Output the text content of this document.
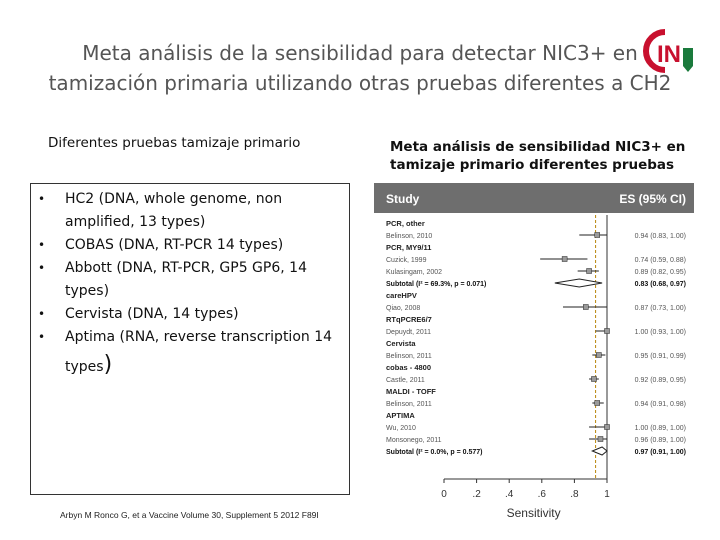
Meta análisis de la sensibilidad para detectar NIC3+ en
tamización primaria utilizando otras pruebas diferentes a CH2
IN
Diferentes pruebas tamizaje primario	Meta análisis de sensibilidad NIC3+ en tamizaje primario diferentes pruebas
• HC2 (DNA, whole genome, non amplified, 13 types)
• COBAS (DNA, RT-PCR 14 types)
• Abbott (DNA, RT-PCR, GP5 GP6, 14 types)
• Cervista (DNA, 14 types)
• Aptima (RNA, reverse transcription 14
types)
Arbyn M Ronco G, et a Vaccine Volume 30, Supplement 5 2012 F89I
Study	ES (95% CI)
PCR, other
Belinson, 2010	0.94 (0.83, 1.00)
PCR, MY9/11
Cuzick, 1999	0.74 (0.59, 0.88)
Kulasingam, 2002	0.89 (0.82, 0.95)
Subtotal (I² = 69.3%, p = 0.071)	0.83 (0.68, 0.97)
careHPV
Qiao, 2008	0.87 (0.73, 1.00)
RTqPCRE6/7
Depuydt, 2011	1.00 (0.93, 1.00)
Cervista
Belinson, 2011	0.95 (0.91, 0.99)
cobas - 4800
Castle, 2011	0.92 (0.89, 0.95)
MALDI - TOFF
Belinson, 2011	0.94 (0.91, 0.98)
APTIMA
Wu, 2010	1.00 (0.89, 1.00)
Monsonego, 2011	0.96 (0.89, 1.00)
Subtotal (I² = 0.0%, p = 0.577)	0.97 (0.91, 1.00)
0	.2 .4 .6 .8	1
Sensitivity
